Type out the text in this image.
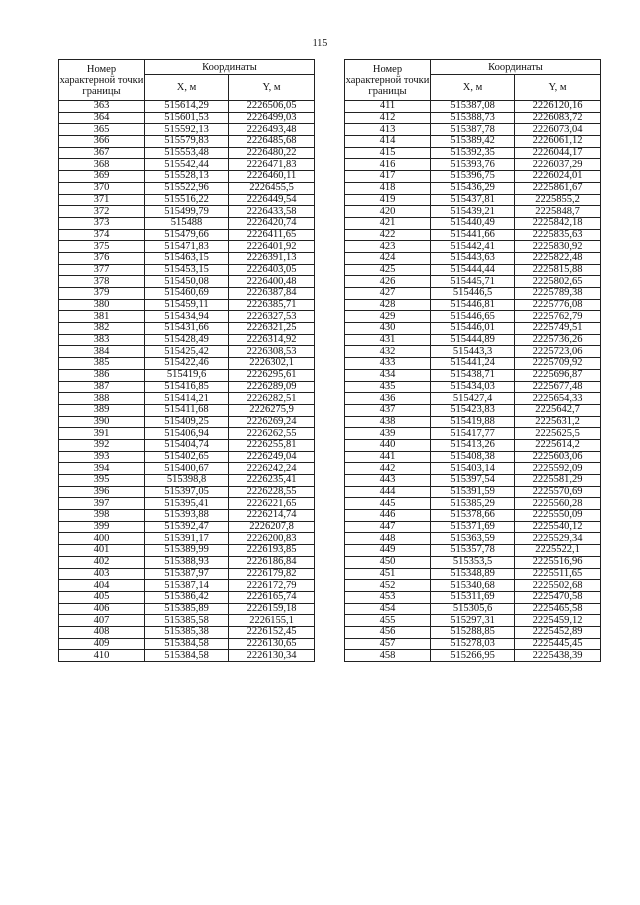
115
Номер характерной точки границы	Координаты	
	X, м	Y, м
363	515614,29	2226506,05
364	515601,53	2226499,03
365	515592,13	2226493,48
366	515579,83	2226485,68
367	515553,48	2226480,22
368	515542,44	2226471,83
369	515528,13	2226460,11
370	515522,96	2226455,5
371	515516,22	2226449,54
372	515499,79	2226433,58
373	515488	2226420,74
374	515479,66	2226411,65
375	515471,83	2226401,92
376	515463,15	2226391,13
377	515453,15	2226403,05
378	515450,08	2226400,48
379	515460,69	2226387,84
380	515459,11	2226385,71
381	515434,94	2226327,53
382	515431,66	2226321,25
383	515428,49	2226314,92
384	515425,42	2226308,53
385	515422,46	2226302,1
386	515419,6	2226295,61
387	515416,85	2226289,09
388	515414,21	2226282,51
389	515411,68	2226275,9
390	515409,25	2226269,24
391	515406,94	2226262,55
392	515404,74	2226255,81
393	515402,65	2226249,04
394	515400,67	2226242,24
395	515398,8	2226235,41
396	515397,05	2226228,55
397	515395,41	2226221,65
398	515393,88	2226214,74
399	515392,47	2226207,8
400	515391,17	2226200,83
401	515389,99	2226193,85
402	515388,93	2226186,84
403	515387,97	2226179,82
404	515387,14	2226172,79
405	515386,42	2226165,74
406	515385,89	2226159,18
407	515385,58	2226155,1
408	515385,38	2226152,45
409	515384,58	2226130,65
410	515384,58	2226130,34
Номер характерной точки границы	Координаты	
	X, м	Y, м
411	515387,08	2226120,16
412	515388,73	2226083,72
413	515387,78	2226073,04
414	515389,42	2226061,12
415	515392,35	2226044,17
416	515393,76	2226037,29
417	515396,75	2226024,01
418	515436,29	2225861,67
419	515437,81	2225855,2
420	515439,21	2225848,7
421	515440,49	2225842,18
422	515441,66	2225835,63
423	515442,41	2225830,92
424	515443,63	2225822,48
425	515444,44	2225815,88
426	515445,71	2225802,65
427	515446,5	2225789,38
428	515446,81	2225776,08
429	515446,65	2225762,79
430	515446,01	2225749,51
431	515444,89	2225736,26
432	515443,3	2225723,06
433	515441,24	2225709,92
434	515438,71	2225696,87
435	515434,03	2225677,48
436	515427,4	2225654,33
437	515423,83	2225642,7
438	515419,88	2225631,2
439	515417,77	2225625,5
440	515413,26	2225614,2
441	515408,38	2225603,06
442	515403,14	2225592,09
443	515397,54	2225581,29
444	515391,59	2225570,69
445	515385,29	2225560,28
446	515378,66	2225550,09
447	515371,69	2225540,12
448	515363,59	2225529,34
449	515357,78	2225522,1
450	515353,5	2225516,96
451	515348,89	2225511,65
452	515340,68	2225502,68
453	515311,69	2225470,58
454	515305,6	2225465,58
455	515297,31	2225459,12
456	515288,85	2225452,89
457	515278,03	2225445,45
458	515266,95	2225438,39
